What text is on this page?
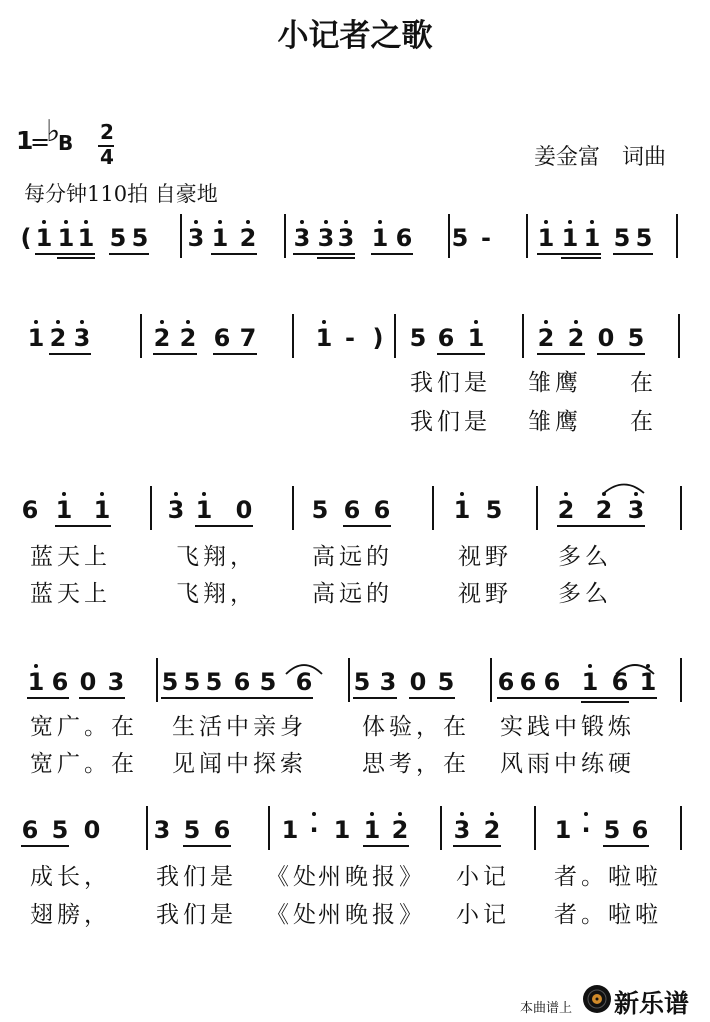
小记者之歌
1
=
♭
B 2
4	姜金富　词曲
每分钟110拍 自豪地
( 1 1 1 5 5 3 1 2 3 3 3 1 6 5 - 1 1 1 5 5
1 2 3	2 2 6 7 1 - ) 5 6 1 2 2 0 5
我们是 雏鹰 在
我们是 雏鹰 在
6 1 1 3 1 0 5 6 6	1 5 2 2 3
蓝天上	飞翔， 高远的	视野 多么
蓝天上	飞翔， 高远的	视野 多么
1 6 0 3 5 5 5 6 5 6 5 3 0 5 6 6 6 1 6 1
宽广。在 生活中亲身 体验，在 实践中锻炼
宽广。在 见闻中探索 思考，在 风雨中练硬
6 5 0 3 5 6 1 · 1 1 2 3 2 1 · 5 6
成长， 我们是 《处
州晚报》 小记 者。啦啦
翅膀， 我们是 《处
州晚报》 小记 者。啦啦
本曲谱上 新乐谱
